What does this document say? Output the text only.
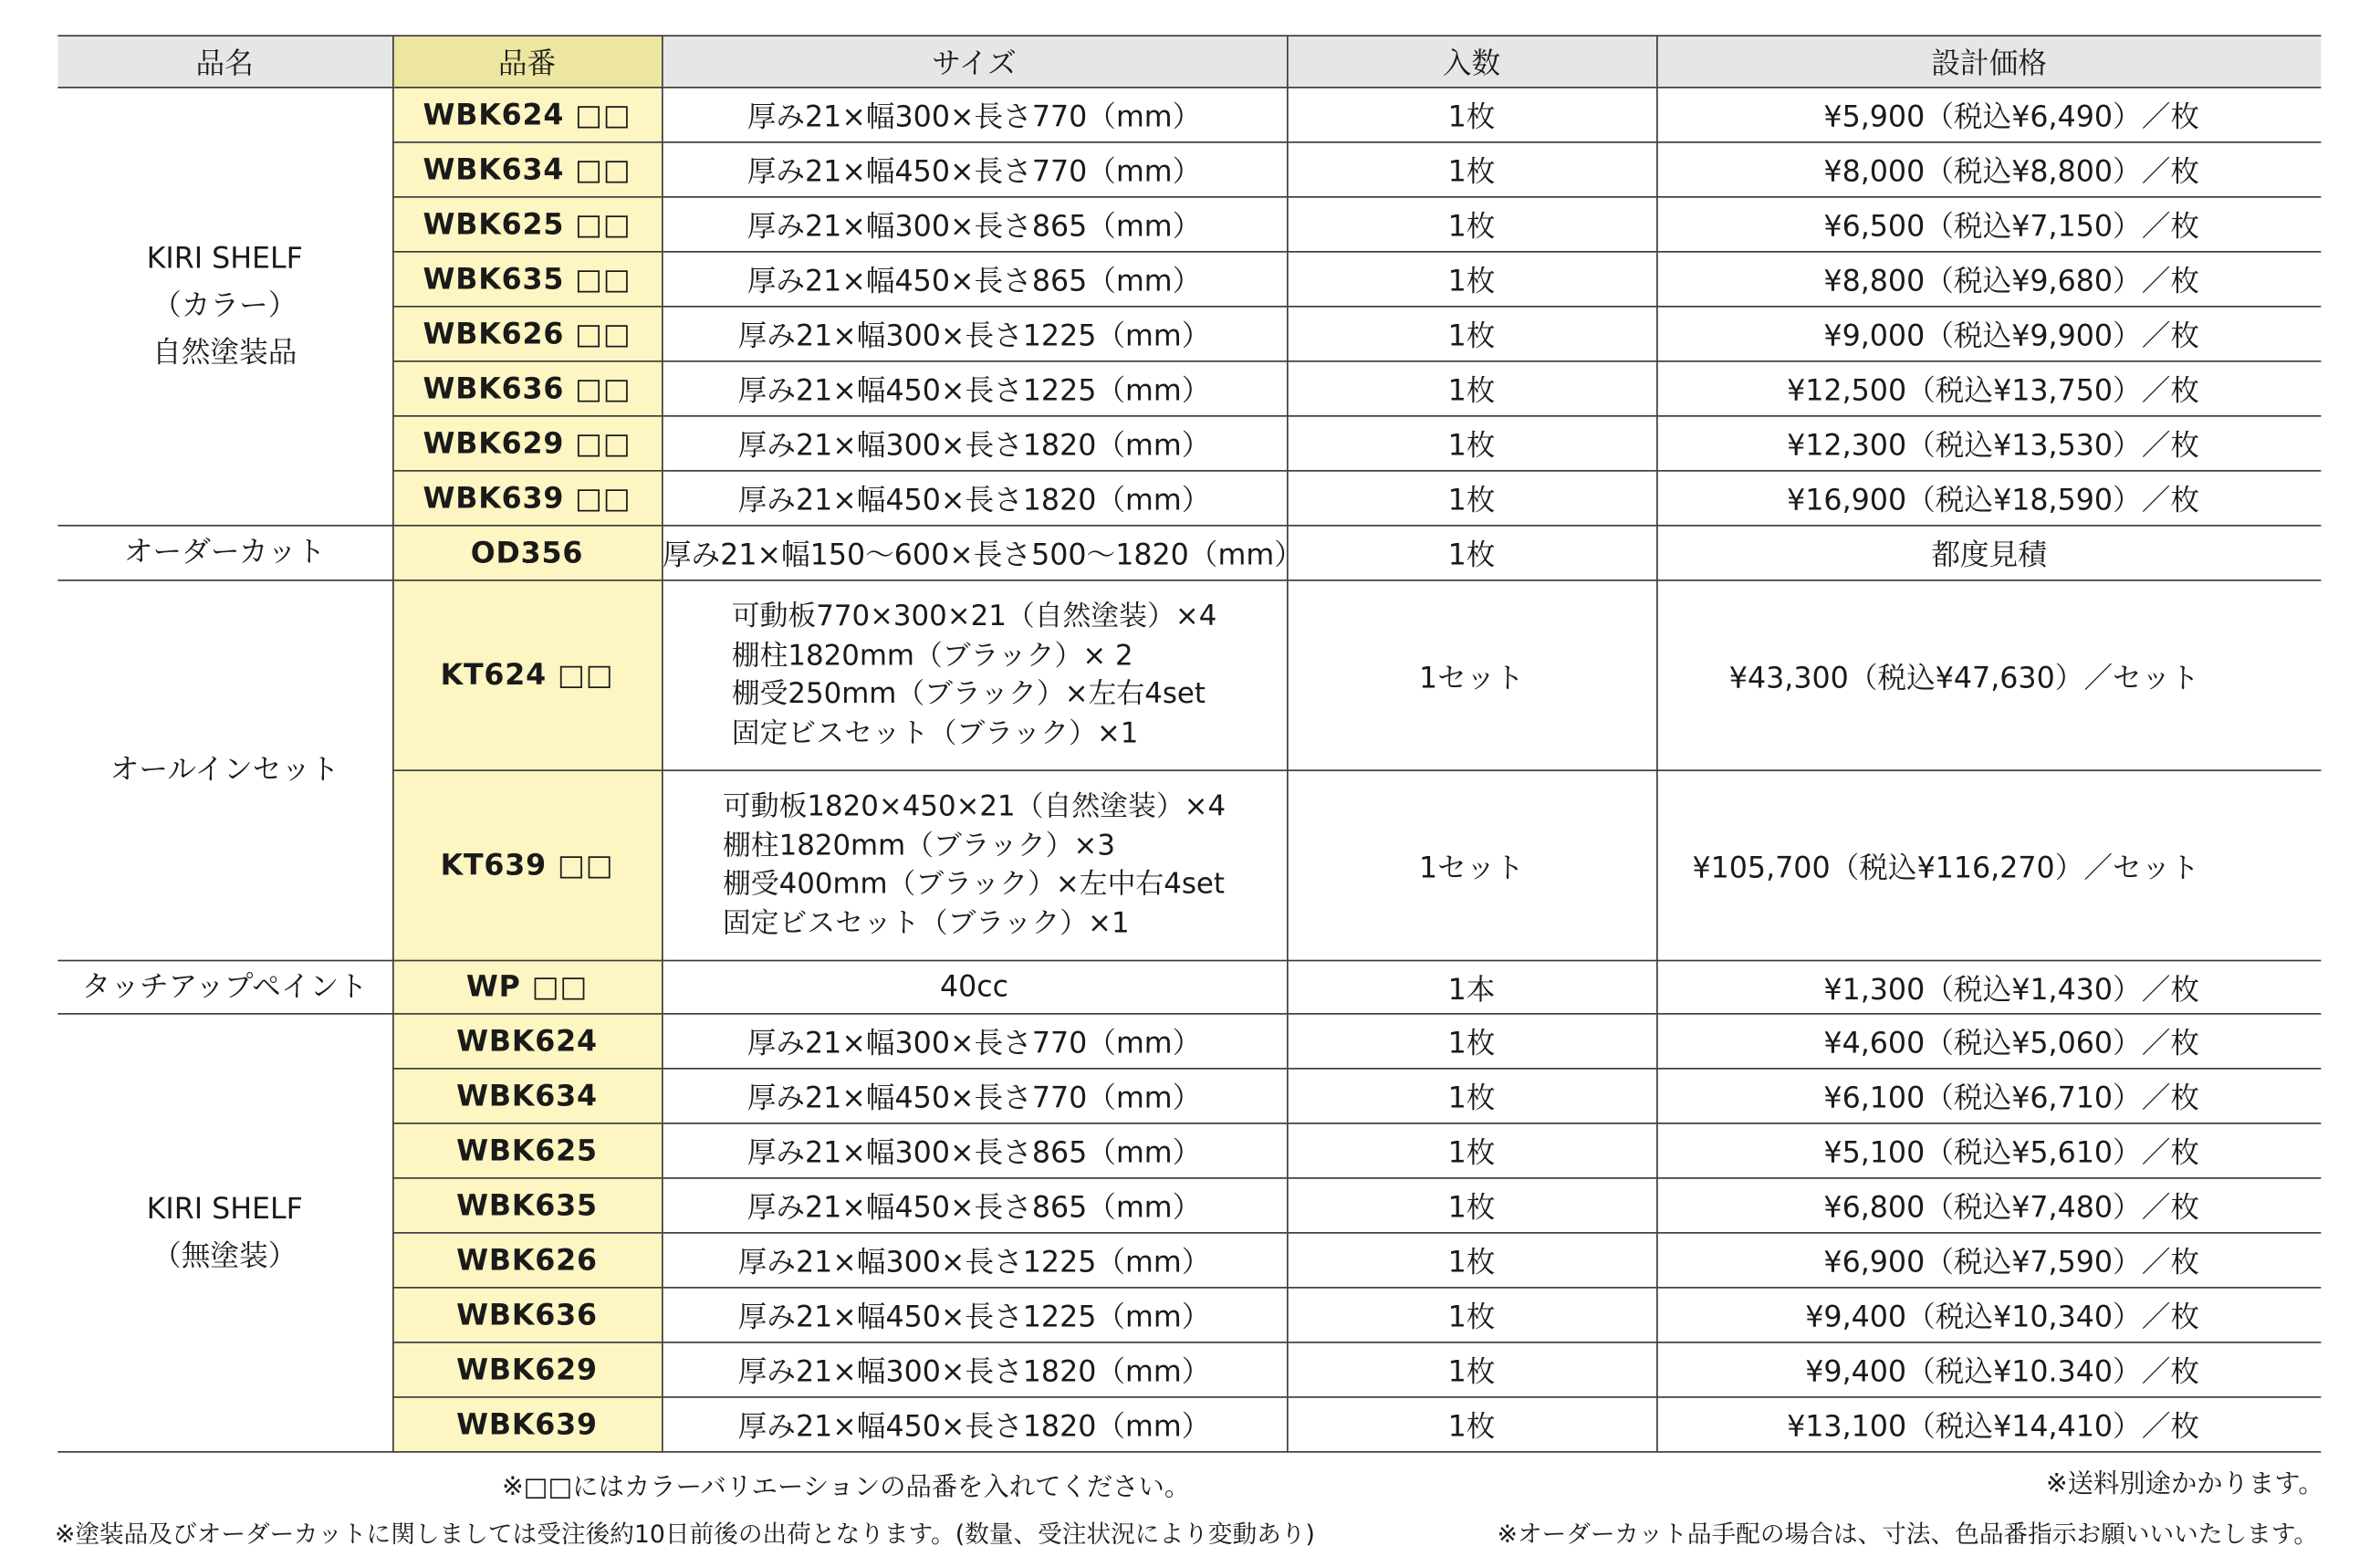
品名	品番	サイズ	入数	設計価格

KIRI SHELF
（カラー）
自然塗装品	WBK624 □□	厚み21×幅300×長さ770（mm）	1枚	¥5,900（税込¥6,490）／枚
	WBK634 □□	厚み21×幅450×長さ770（mm）	1枚	¥8,000（税込¥8,800）／枚
	WBK625 □□	厚み21×幅300×長さ865（mm）	1枚	¥6,500（税込¥7,150）／枚
	WBK635 □□	厚み21×幅450×長さ865（mm）	1枚	¥8,800（税込¥9,680）／枚
	WBK626 □□	厚み21×幅300×長さ1225（mm）	1枚	¥9,000（税込¥9,900）／枚
	WBK636 □□	厚み21×幅450×長さ1225（mm）	1枚	¥12,500（税込¥13,750）／枚
	WBK629 □□	厚み21×幅300×長さ1820（mm）	1枚	¥12,300（税込¥13,530）／枚
	WBK639 □□	厚み21×幅450×長さ1820（mm）	1枚	¥16,900（税込¥18,590）／枚
オーダーカット	OD356	厚み21×幅150〜600×長さ500〜1820（mm）	1枚	都度見積
オールインセット	KT624 □□	可動板770×300×21（自然塗装）×4
棚柱1820mm（ブラック）× 2
棚受250mm（ブラック）×左右4set
固定ビスセット（ブラック）×1	1セット	¥43,300（税込¥47,630）／セット
	KT639 □□	可動板1820×450×21（自然塗装）×4
棚柱1820mm（ブラック）×3
棚受400mm（ブラック）×左中右4set
固定ビスセット（ブラック）×1	1セット	¥105,700（税込¥116,270）／セット
タッチアップペイント	WP □□	40cc	1本	¥1,300（税込¥1,430）／枚

KIRI SHELF
（無塗装）	WBK624	厚み21×幅300×長さ770（mm）	1枚	¥4,600（税込¥5,060）／枚
	WBK634	厚み21×幅450×長さ770（mm）	1枚	¥6,100（税込¥6,710）／枚
	WBK625	厚み21×幅300×長さ865（mm）	1枚	¥5,100（税込¥5,610）／枚
	WBK635	厚み21×幅450×長さ865（mm）	1枚	¥6,800（税込¥7,480）／枚
	WBK626	厚み21×幅300×長さ1225（mm）	1枚	¥6,900（税込¥7,590）／枚
	WBK636	厚み21×幅450×長さ1225（mm）	1枚	¥9,400（税込¥10,340）／枚
	WBK629	厚み21×幅300×長さ1820（mm）	1枚	¥9,400（税込¥10.340）／枚
	WBK639	厚み21×幅450×長さ1820（mm）	1枚	¥13,100（税込¥14,410）／枚
※□□にはカラーバリエーションの品番を入れてください。	※送料別途かかります。
※塗装品及びオーダーカットに関しましては受注後約10日前後の出荷となります。(数量、受注状況により変動あり)	※オーダーカット品手配の場合は、寸法、色品番指示お願いいいたします。
